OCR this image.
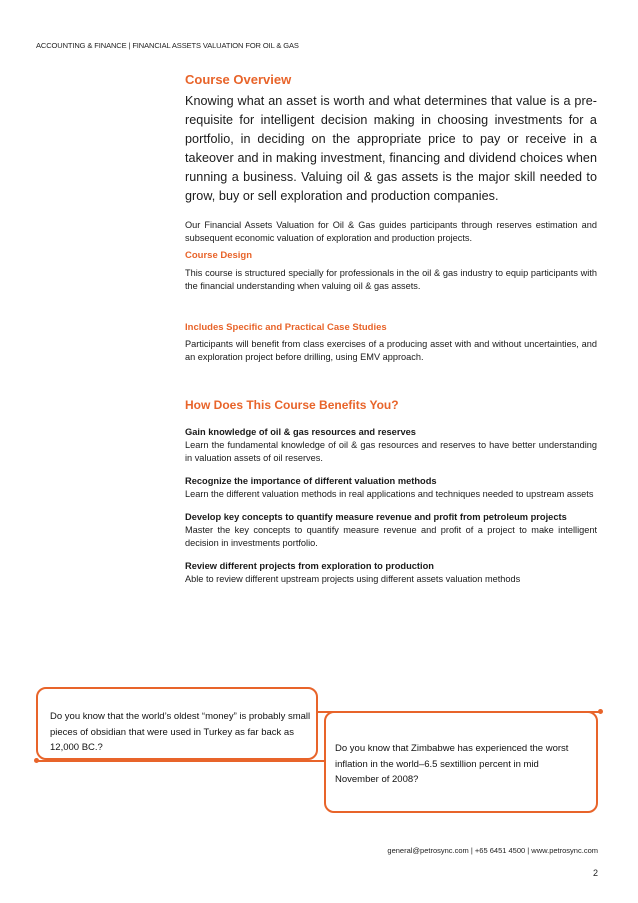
ACCOUNTING & FINANCE | FINANCIAL ASSETS VALUATION FOR OIL & GAS
Course Overview

Knowing what an asset is worth and what determines that value is a pre-requisite for intelligent decision making in choosing investments for a portfolio, in deciding on the appropriate price to pay or receive in a takeover and in making investment, financing and dividend choices when running a business. Valuing oil & gas assets is the major skill needed to grow, buy or sell exploration and production companies.

Our Financial Assets Valuation for Oil & Gas guides participants through reserves estimation and subsequent economic valuation of exploration and production projects.

Course Design

This course is structured specially for professionals in the oil & gas industry to equip participants with the financial understanding when valuing oil & gas assets.

Includes Specific and Practical Case Studies

Participants will benefit from class exercises of a producing asset with and without uncertainties, and an exploration project before drilling, using EMV approach.

How Does This Course Benefits You?

Gain knowledge of oil & gas resources and reserves

Learn the fundamental knowledge of oil & gas resources and reserves to have better understanding in valuation assets of oil reserves.

Recognize the importance of different valuation methods

Learn the different valuation methods in real applications and techniques needed to upstream assets

Develop key concepts to quantify measure revenue and profit from petroleum projects

Master the key concepts to quantify measure revenue and profit of a project to make intelligent decision in investments portfolio.

Review different projects from exploration to production

Able to review different upstream projects using different assets valuation methods

Do you know that the world’s oldest “money” is probably small pieces of obsidian that were used in Turkey as far back as 12,000 BC.?	Do you know that Zimbabwe has experienced the worst inflation in the world–6.5 sextillion percent in mid November of 2008?
general@petrosync.com | +65 6451 4500 | www.petrosync.com
2
